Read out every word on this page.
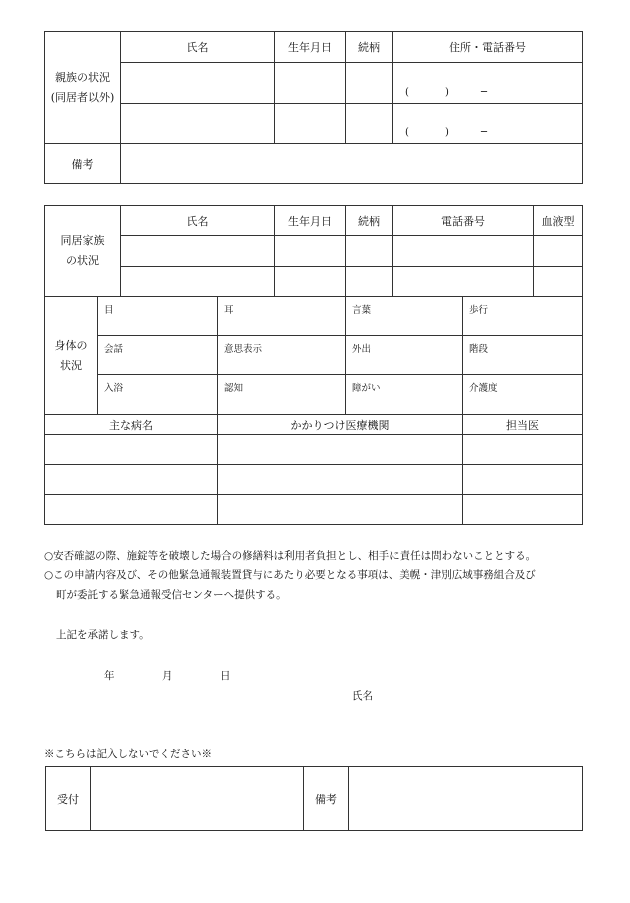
親族の状況
(同居者以外)	氏名	生年月日	続柄	住所・電話番号

				( ) ─

				( ) ─

備考				
同居家族
の状況		氏名		生年月日	続柄	電話番号		血液型

身体の
状況	目		耳		言葉		歩行	
	会話		意思表示		外出		階段	
	入浴		認知		障がい		介護度	
主な病名			かかりつけ医療機関				担当医	

○安否確認の際、施錠等を破壊した場合の修繕料は利用者負担とし、相手に責任は問わないこととする。
○この申請内容及び、その他緊急通報装置貸与にあたり必要となる事項は、美幌・津別広域事務組合及び
町が委託する緊急通報受信センターへ提供する。
上記を承諾します。
年	月	日
氏名
※こちらは記入しないでください※
受付		備考	
